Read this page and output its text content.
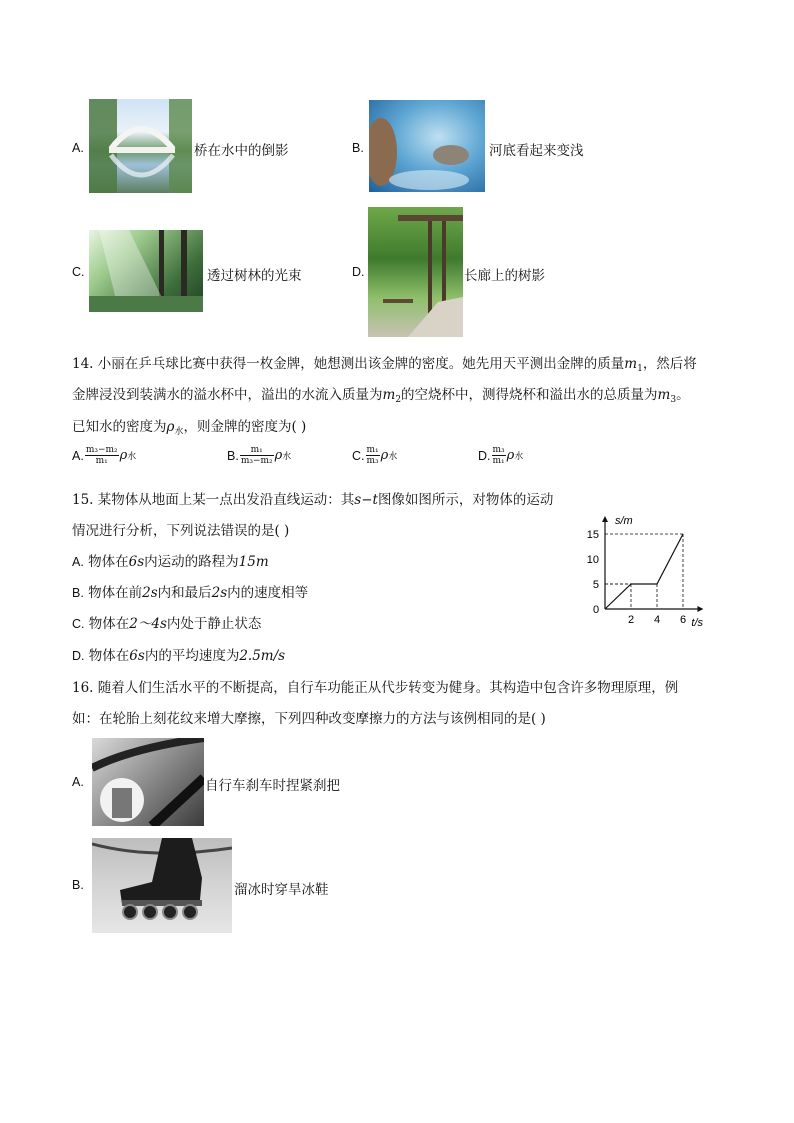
A.	桥在水中的倒影	B.	河底看起来变浅
C.	透过树林的光束	D.	长廊上的树影
14. 小丽在乒乓球比赛中获得一枚金牌，她想测出该金牌的密度。她先用天平测出金牌的质量$m_1$，然后将
金牌浸没到装满水的溢水杯中，溢出的水流入质量为$m_2$的空烧杯中，测得烧杯和溢出水的总质量为$m_3$。
已知水的密度为$\rho_水$，则金牌的密度为( )
A. $\frac{\text{m₃−m₂}}{\text{m₁}}$ ρ 水	B. $\frac{\text{m₁}}{\text{m₃−m₂}}$ ρ 水	C. $\frac{\text{m₁}}{\text{m₃}}$ ρ 水	D. $\frac{\text{m₃}}{\text{m₁}}$ ρ 水
15. 某物体从地面上某一点出发沿直线运动：其s−t图像如图所示，对物体的运动
情况进行分析，下列说法错误的是( )
A. 物体在6s内运动的路程为15m
B. 物体在前2s内和最后2s内的速度相等
C. 物体在2～4s内处于静止状态
D. 物体在6s内的平均速度为2.5m/s
s/m
t/s
0
2 4 6
5
10
15
16. 随着人们生活水平的不断提高，自行车功能正从代步转变为健身。其构造中包含许多物理原理，例
如：在轮胎上刻花纹来增大摩擦，下列四种改变摩擦力的方法与该例相同的是( )
A.	自行车刹车时捏紧刹把
B.	溜冰时穿旱冰鞋
